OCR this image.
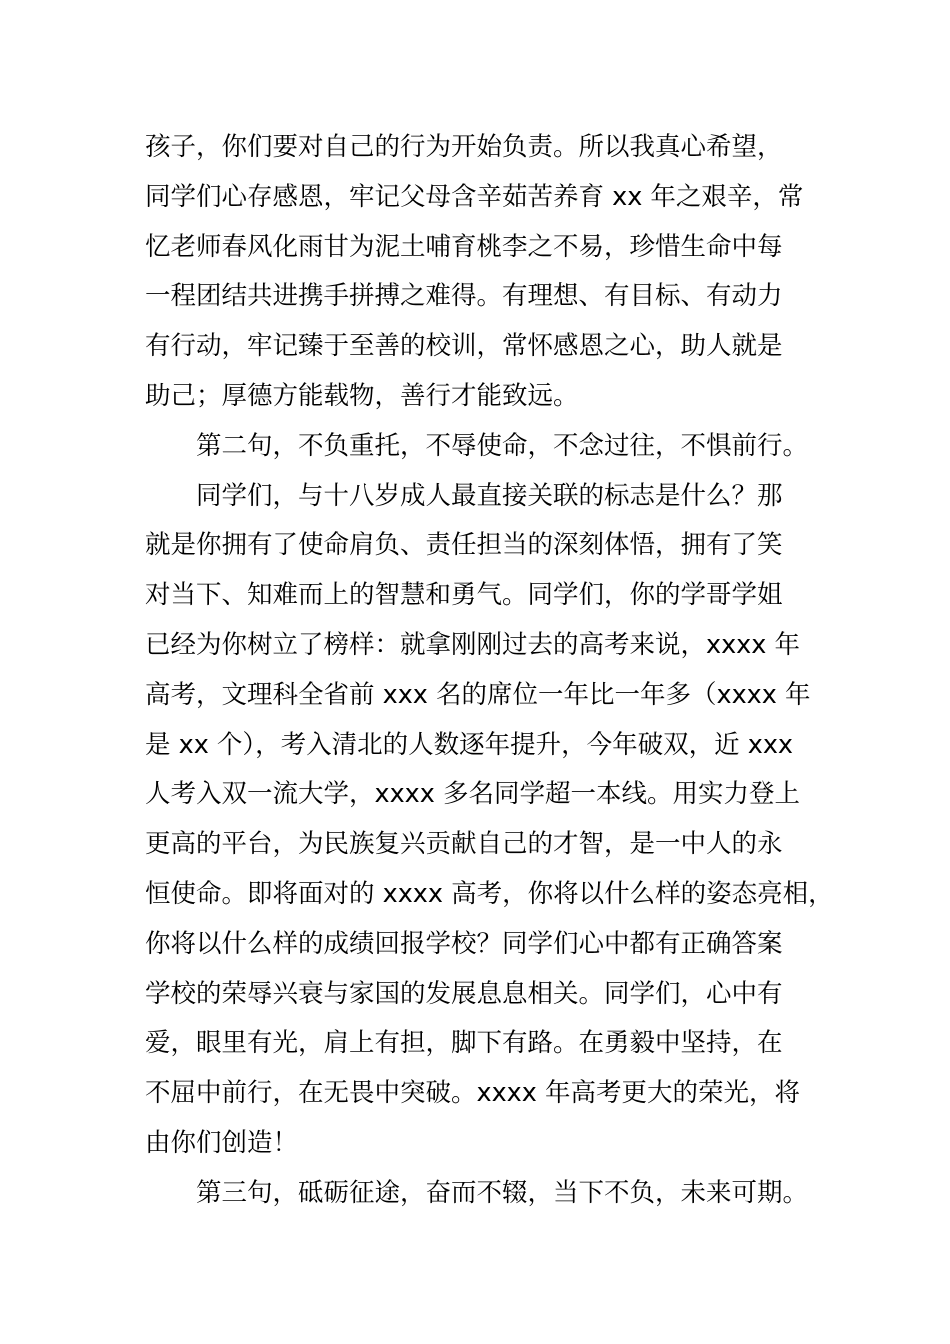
孩子，你们要对自己的行为开始负责。所以我真心希望，
同学们心存感恩，牢记父母含辛茹苦养育 xx 年之艰辛，常
忆老师春风化雨甘为泥土哺育桃李之不易，珍惜生命中每
一程团结共进携手拼搏之难得。有理想、有目标、有动力
有行动，牢记臻于至善的校训，常怀感恩之心，助人就是
助己；厚德方能载物，善行才能致远。
第二句，不负重托，不辱使命，不念过往，不惧前行。
同学们，与十八岁成人最直接关联的标志是什么？那
就是你拥有了使命肩负、责任担当的深刻体悟，拥有了笑
对当下、知难而上的智慧和勇气。同学们，你的学哥学姐
已经为你树立了榜样：就拿刚刚过去的高考来说，xxxx 年
高考，文理科全省前 xxx 名的席位一年比一年多（xxxx 年
是 xx 个），考入清北的人数逐年提升，今年破双，近 xxx
人考入双一流大学，xxxx 多名同学超一本线。用实力登上
更高的平台，为民族复兴贡献自己的才智，是一中人的永
恒使命。即将面对的 xxxx 高考，你将以什么样的姿态亮相，
你将以什么样的成绩回报学校？同学们心中都有正确答案
学校的荣辱兴衰与家国的发展息息相关。同学们，心中有
爱，眼里有光，肩上有担，脚下有路。在勇毅中坚持，在
不屈中前行，在无畏中突破。xxxx 年高考更大的荣光，将
由你们创造！
第三句，砥砺征途，奋而不辍，当下不负，未来可期。
